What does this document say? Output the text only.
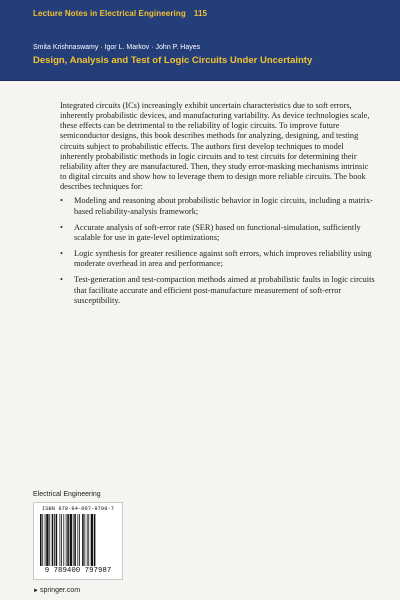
Lecture Notes in Electrical Engineering 115
Smita Krishnaswamy · Igor L. Markov · John P. Hayes
Design, Analysis and Test of Logic Circuits Under Uncertainty

Integrated circuits (ICs) increasingly exhibit uncertain characteristics due to soft errors, inherently probabilistic devices, and manufacturing variability. As device technologies scale, these effects can be detrimental to the reliability of logic circuits. To improve future semiconductor designs, this book describes methods for analyzing, designing, and testing circuits subject to probabilistic effects. The authors first develop techniques to model inherently probabilistic methods in logic circuits and to test circuits for determining their reliability after they are manufactured. Then, they study error-masking mechanisms intrinsic to digital circuits and show how to leverage them to design more reliable circuits. The book describes techniques for:

• Modeling and reasoning about probabilistic behavior in logic circuits, including a matrix-based reliability-analysis framework;
• Accurate analysis of soft-error rate (SER) based on functional-simulation, sufficiently scalable for use in gate-level optimizations;
• Logic synthesis for greater resilience against soft errors, which improves reliability using moderate overhead in area and performance;
• Test-generation and test-compaction methods aimed at probabilistic faults in logic circuits that facilitate accurate and efficient post-manufacture measurement of soft-error susceptibility.
Electrical Engineering
ISBN 978-94-007-9798-7
9 789400 797987
►springer.com
